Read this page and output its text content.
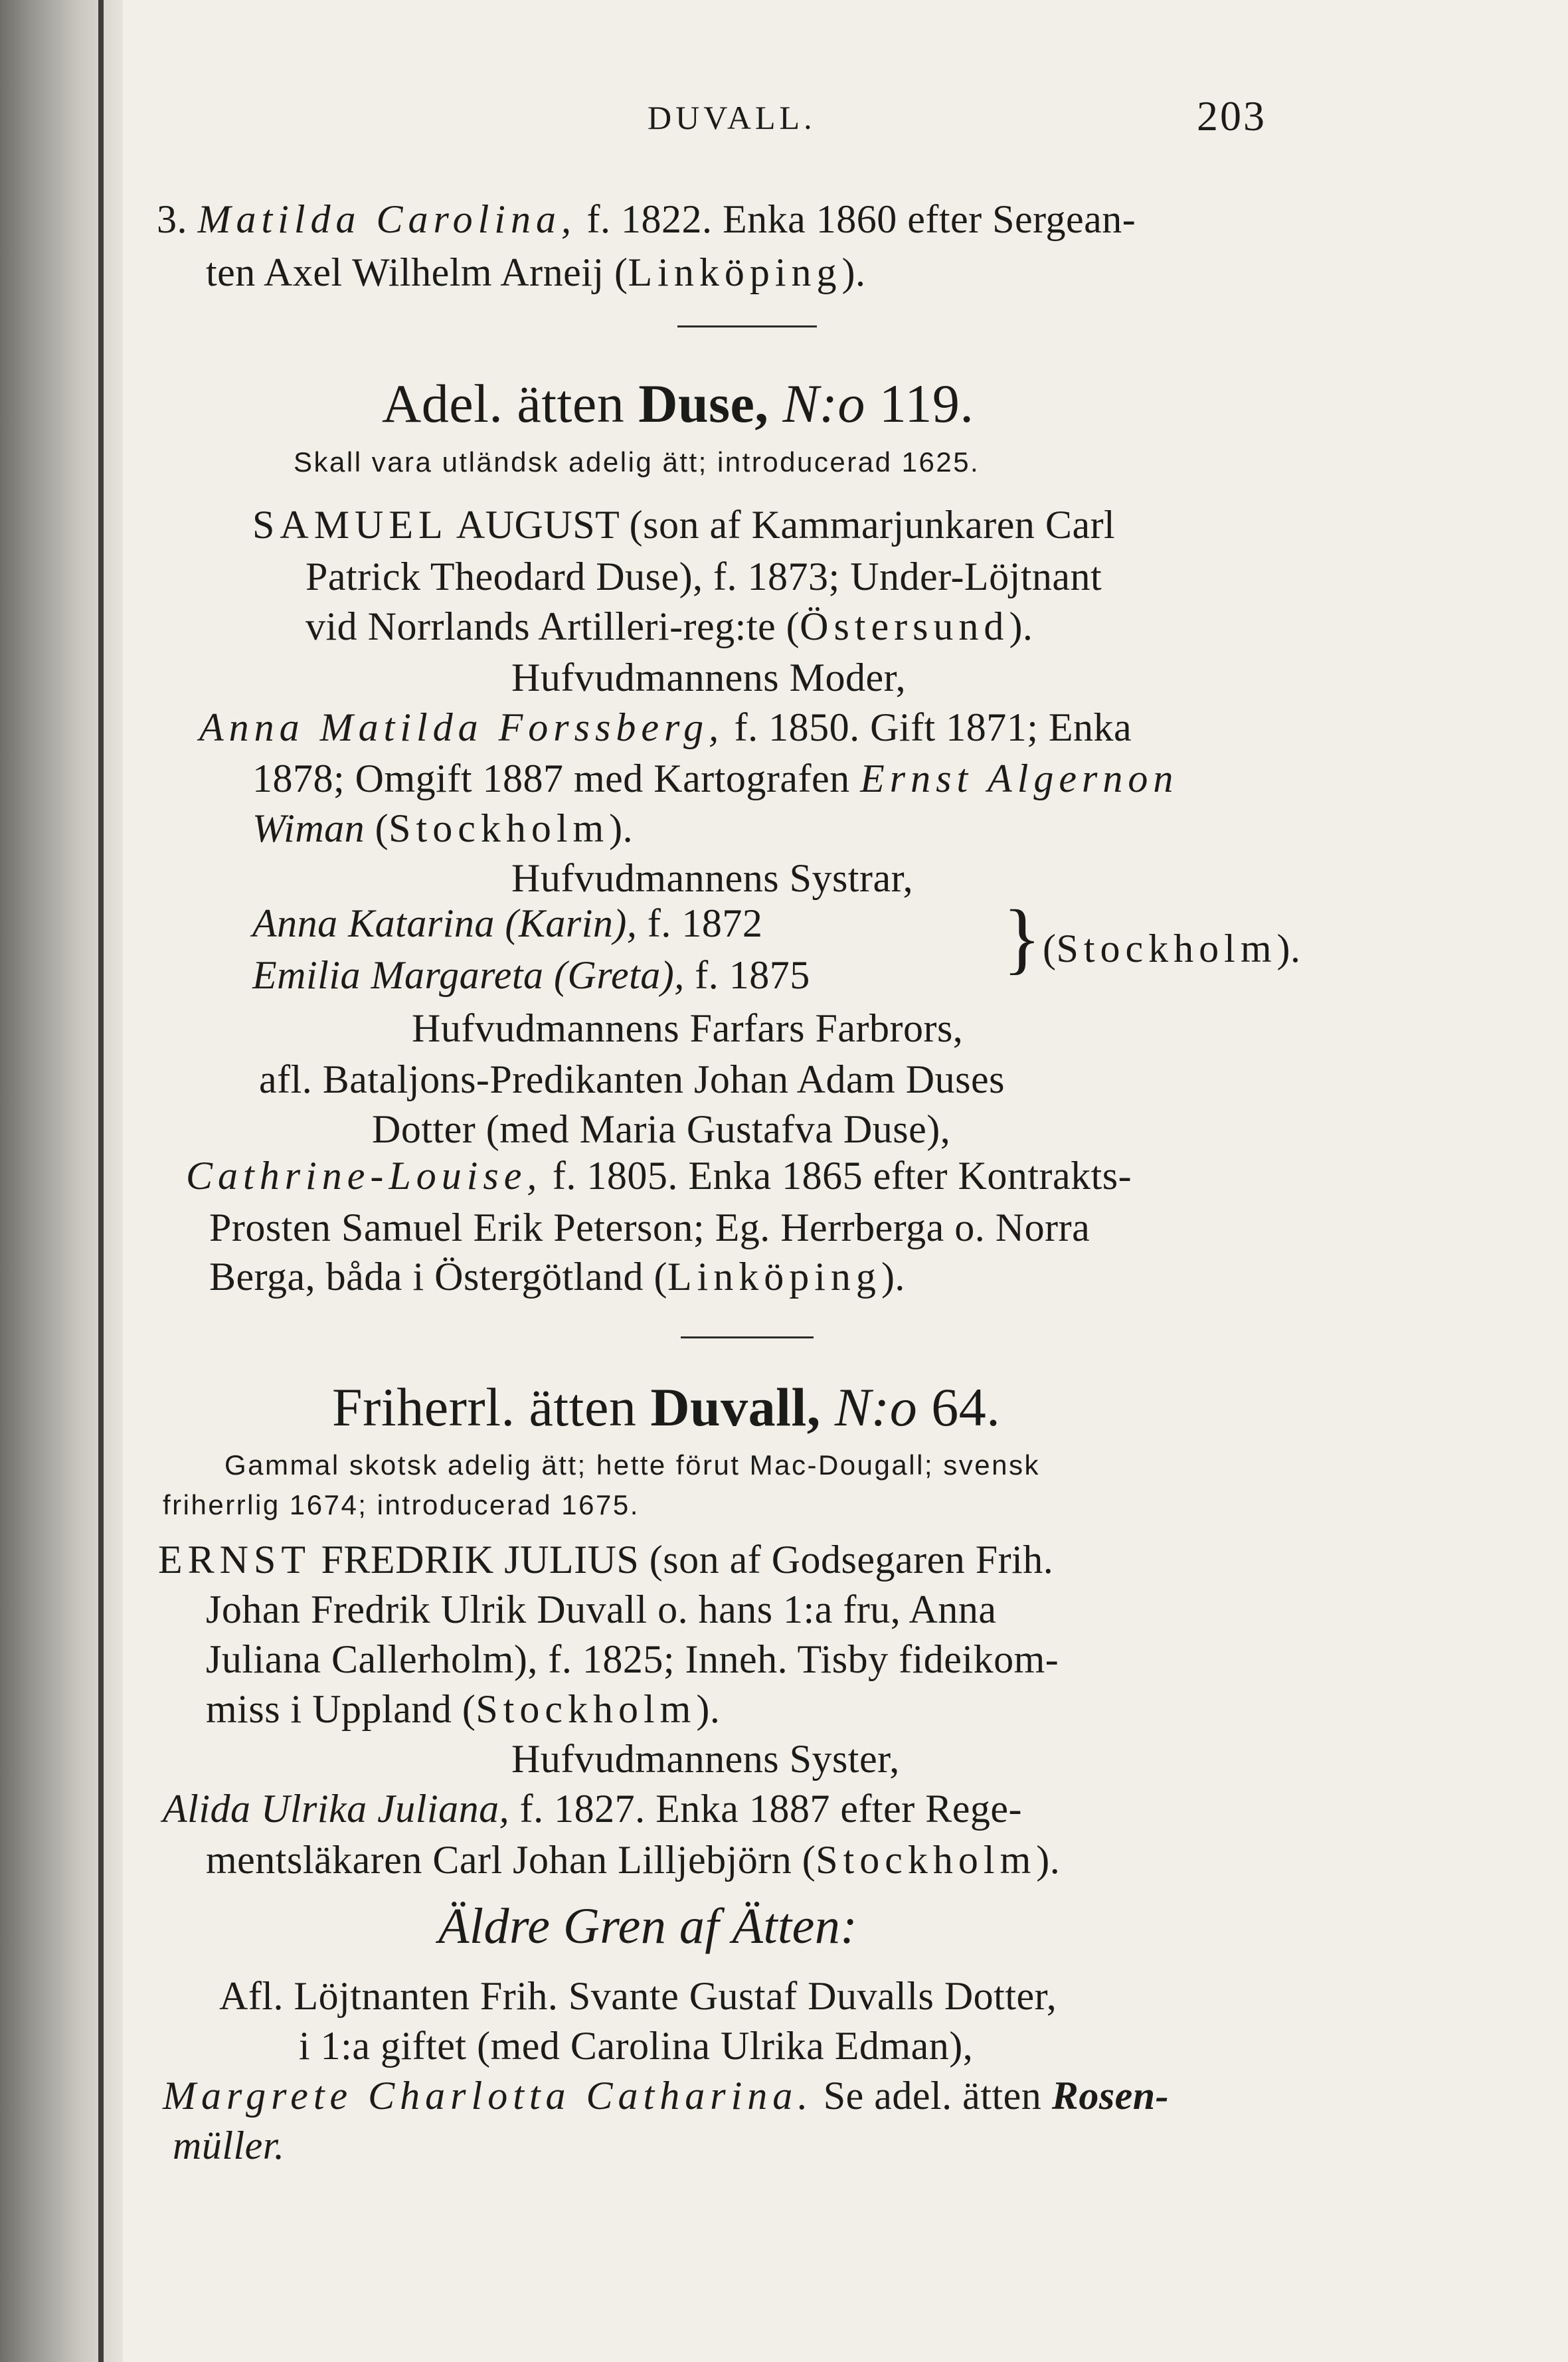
DUVALL.	203
3. Matilda Carolina, f. 1822. Enka 1860 efter Sergean-
ten Axel Wilhelm Arneij (Linköping).
Adel. ätten Duse, N:o 119.
Skall vara utländsk adelig ätt; introducerad 1625.
SAMUEL AUGUST (son af Kammarjunkaren Carl
Patrick Theodard Duse), f. 1873; Under-Löjtnant
vid Norrlands Artilleri-reg:te (Östersund).
Hufvudmannens Moder,
Anna Matilda Forssberg, f. 1850. Gift 1871; Enka
1878; Omgift 1887 med Kartografen Ernst Algernon
Wiman (Stockholm).
Hufvudmannens Systrar,
Anna Katarina (Karin), f. 1872
Emilia Margareta (Greta), f. 1875 } (Stockholm).
Hufvudmannens Farfars Farbrors,
afl. Bataljons-Predikanten Johan Adam Duses
Dotter (med Maria Gustafva Duse),
Cathrine-Louise, f. 1805. Enka 1865 efter Kontrakts-
Prosten Samuel Erik Peterson; Eg. Herrberga o. Norra
Berga, båda i Östergötland (Linköping).
Friherrl. ätten Duvall, N:o 64.
Gammal skotsk adelig ätt; hette förut Mac-Dougall; svensk
friherrlig 1674; introducerad 1675.
ERNST FREDRIK JULIUS (son af Godsegaren Frih.
Johan Fredrik Ulrik Duvall o. hans 1:a fru, Anna
Juliana Callerholm), f. 1825; Inneh. Tisby fideikom-
miss i Uppland (Stockholm).
Hufvudmannens Syster,
Alida Ulrika Juliana, f. 1827. Enka 1887 efter Rege-
mentsläkaren Carl Johan Lilljebjörn (Stockholm).
Äldre Gren af Ätten:
Afl. Löjtnanten Frih. Svante Gustaf Duvalls Dotter,
i 1:a giftet (med Carolina Ulrika Edman),
Margrete Charlotta Catharina. Se adel. ätten Rosen-
müller.
